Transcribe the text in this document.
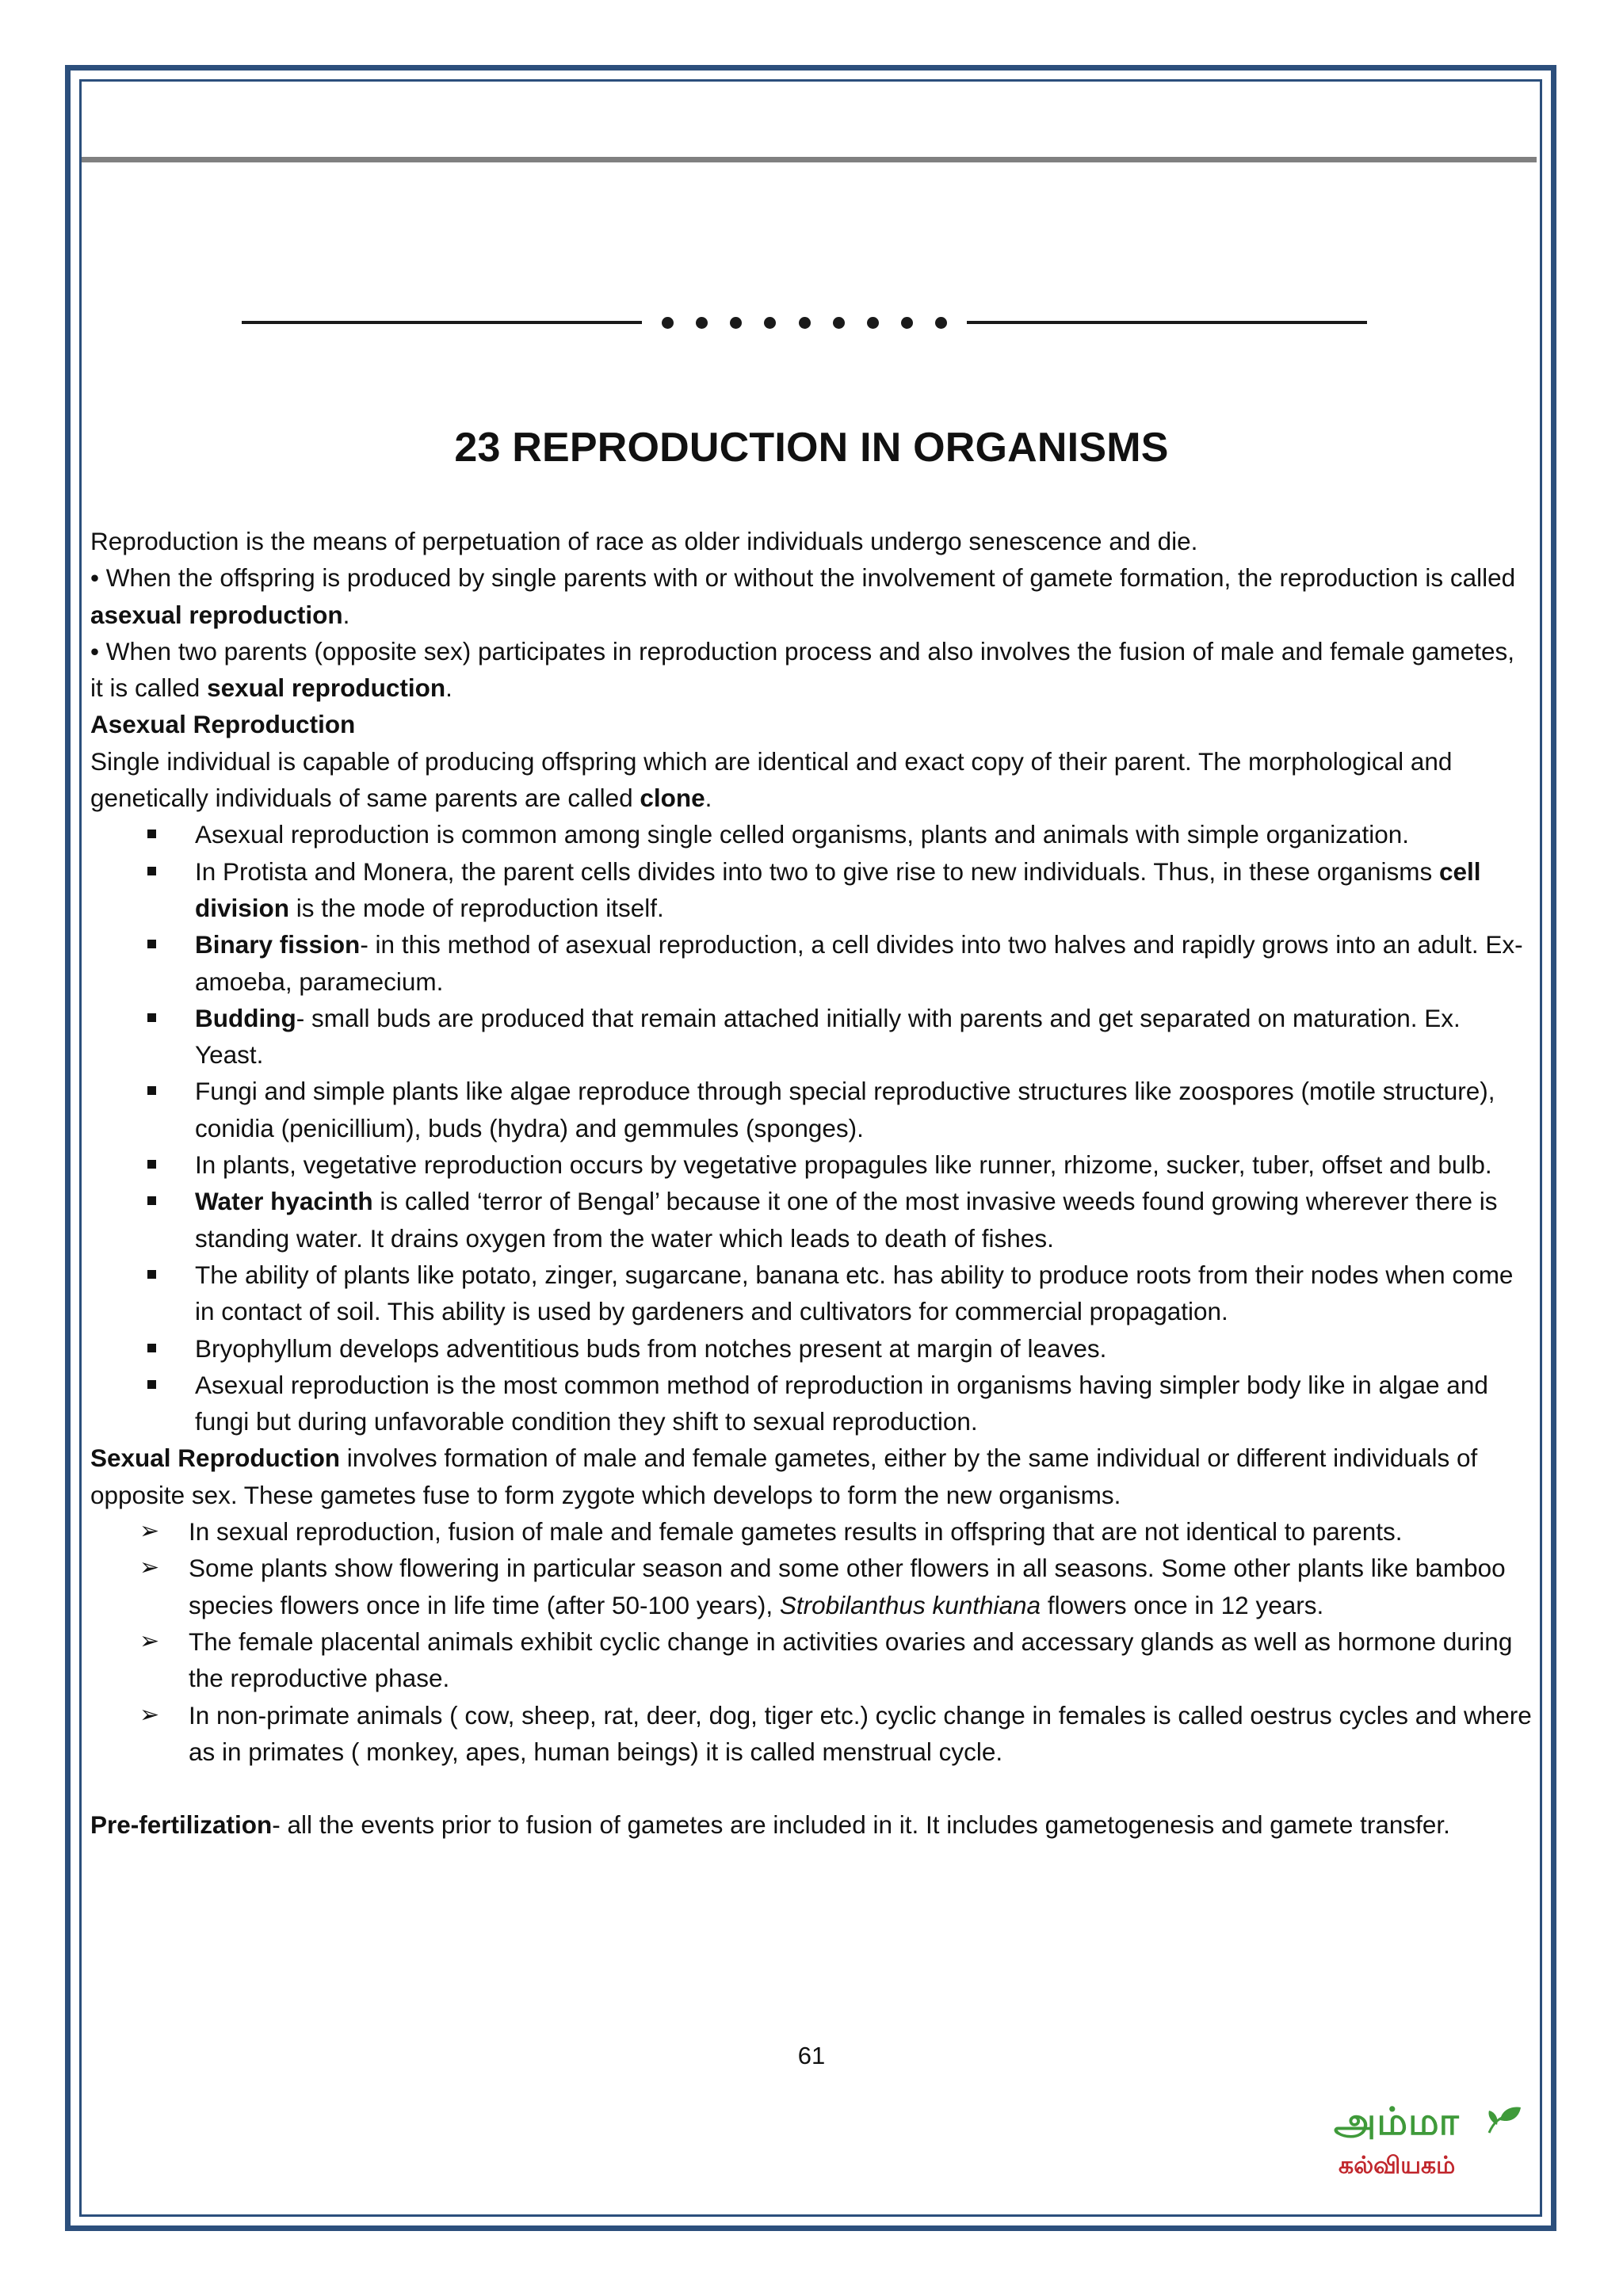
23 REPRODUCTION IN ORGANISMS

Reproduction is the means of perpetuation of race as older individuals undergo senescence and die.

• When the offspring is produced by single parents with or without the involvement of gamete formation, the reproduction is called asexual reproduction.

• When two parents (opposite sex) participates in reproduction process and also involves the fusion of male and female gametes, it is called sexual reproduction.

Asexual Reproduction

Single individual is capable of producing offspring which are identical and exact copy of their parent. The morphological and genetically individuals of same parents are called clone.

Asexual reproduction is common among single celled organisms, plants and animals with simple organization.
In Protista and Monera, the parent cells divides into two to give rise to new individuals. Thus, in these organisms cell division is the mode of reproduction itself.
Binary fission- in this method of asexual reproduction, a cell divides into two halves and rapidly grows into an adult. Ex- amoeba, paramecium.
Budding- small buds are produced that remain attached initially with parents and get separated on maturation. Ex. Yeast.
Fungi and simple plants like algae reproduce through special reproductive structures like zoospores (motile structure), conidia (penicillium), buds (hydra) and gemmules (sponges).
In plants, vegetative reproduction occurs by vegetative propagules like runner, rhizome, sucker, tuber, offset and bulb.
Water hyacinth is called ‘terror of Bengal’ because it one of the most invasive weeds found growing wherever there is standing water. It drains oxygen from the water which leads to death of fishes.
The ability of plants like potato, zinger, sugarcane, banana etc. has ability to produce roots from their nodes when come in contact of soil. This ability is used by gardeners and cultivators for commercial propagation.
Bryophyllum develops adventitious buds from notches present at margin of leaves.
Asexual reproduction is the most common method of reproduction in organisms having simpler body like in algae and fungi but during unfavorable condition they shift to sexual reproduction.

Sexual Reproduction involves formation of male and female gametes, either by the same individual or different individuals of opposite sex. These gametes fuse to form zygote which develops to form the new organisms.

➢ In sexual reproduction, fusion of male and female gametes results in offspring that are not identical to parents.
➢ Some plants show flowering in particular season and some other flowers in all seasons. Some other plants like bamboo species flowers once in life time (after 50-100 years), Strobilanthus kunthiana flowers once in 12 years.
➢ The female placental animals exhibit cyclic change in activities ovaries and accessary glands as well as hormone during the reproductive phase.
➢ In non-primate animals ( cow, sheep, rat, deer, dog, tiger etc.) cyclic change in females is called oestrus cycles and where as in primates ( monkey, apes, human beings) it is called menstrual cycle.

Pre-fertilization- all the events prior to fusion of gametes are included in it. It includes gametogenesis and gamete transfer.

61
அம்மா
கல்வியகம்
